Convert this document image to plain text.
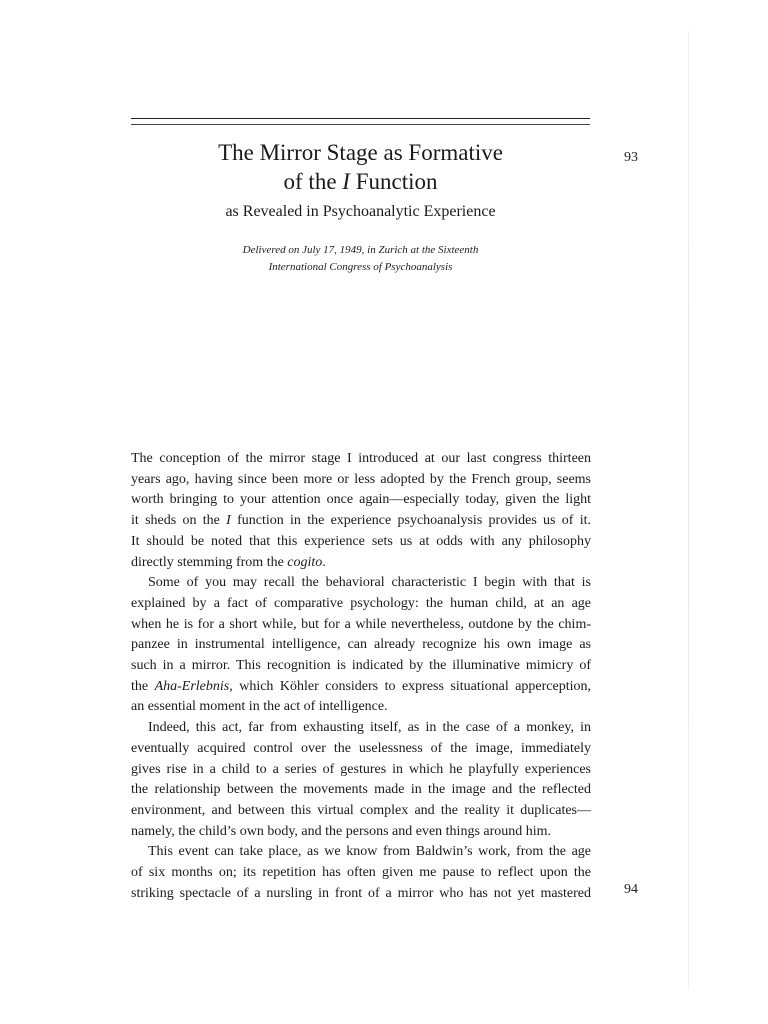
93
94
The Mirror Stage as Formative
of the I Function
as Revealed in Psychoanalytic Experience
Delivered on July 17, 1949, in Zurich at the Sixteenth
International Congress of Psychoanalysis

The conception of the mirror stage I introduced at our last congress thirteen
years ago, having since been more or less adopted by the French group, seems
worth bringing to your attention once again—especially today, given the light
it sheds on the I function in the experience psychoanalysis provides us of it.
It should be noted that this experience sets us at odds with any philosophy
directly stemming from the cogito.

Some of you may recall the behavioral characteristic I begin with that is
explained by a fact of comparative psychology: the human child, at an age
when he is for a short while, but for a while nevertheless, outdone by the chim-
panzee in instrumental intelligence, can already recognize his own image as
such in a mirror. This recognition is indicated by the illuminative mimicry of
the Aha-Erlebnis, which Köhler considers to express situational apperception,
an essential moment in the act of intelligence.

Indeed, this act, far from exhausting itself, as in the case of a monkey, in
eventually acquired control over the uselessness of the image, immediately
gives rise in a child to a series of gestures in which he playfully experiences
the relationship between the movements made in the image and the reflected
environment, and between this virtual complex and the reality it duplicates—
namely, the child’s own body, and the persons and even things around him.

This event can take place, as we know from Baldwin’s work, from the age
of six months on; its repetition has often given me pause to reflect upon the
striking spectacle of a nursling in front of a mirror who has not yet mastered
